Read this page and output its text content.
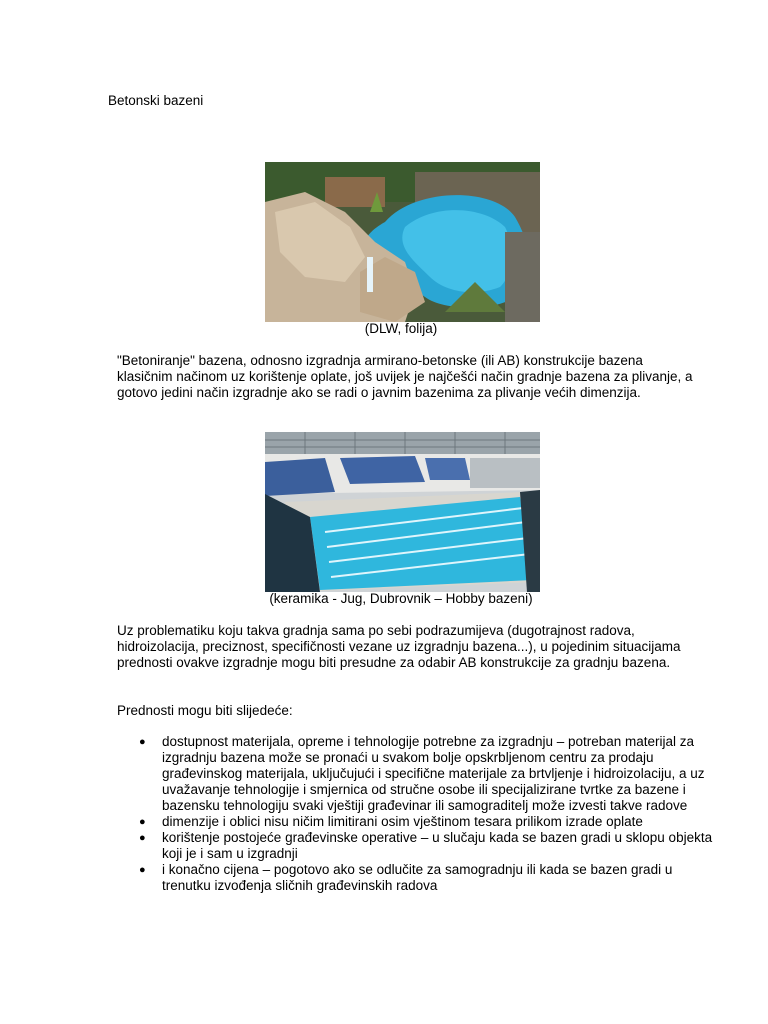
Betonski bazeni
(DLW, folija)
"Betoniranje" bazena, odnosno izgradnja armirano-betonske (ili AB) konstrukcije bazena klasičnim načinom uz korištenje oplate, još uvijek je najčešći način gradnje bazena za plivanje, a gotovo jedini način izgradnje ako se radi o javnim bazenima za plivanje većih dimenzija.
(keramika - Jug, Dubrovnik – Hobby bazeni)
Uz problematiku koju takva gradnja sama po sebi podrazumijeva (dugotrajnost radova, hidroizolacija, preciznost, specifičnosti vezane uz izgradnju bazena...), u pojedinim situacijama prednosti ovakve izgradnje mogu biti presudne za odabir AB konstrukcije za gradnju bazena.
Prednosti mogu biti slijedeće:
● dostupnost materijala, opreme i tehnologije potrebne za izgradnju – potreban materijal za izgradnju bazena može se pronaći u svakom bolje opskrbljenom centru za prodaju građevinskog materijala, uključujući i specifične materijale za brtvljenje i hidroizolaciju, a uz uvažavanje tehnologije i smjernica od stručne osobe ili specijalizirane tvrtke za bazene i bazensku tehnologiju svaki vještiji građevinar ili samograditelj može izvesti takve radove
● dimenzije i oblici nisu ničim limitirani osim vještinom tesara prilikom izrade oplate
● korištenje postojeće građevinske operative – u slučaju kada se bazen gradi u sklopu objekta koji je i sam u izgradnji
● i konačno cijena – pogotovo ako se odlučite za samogradnju ili kada se bazen gradi u trenutku izvođenja sličnih građevinskih radova
